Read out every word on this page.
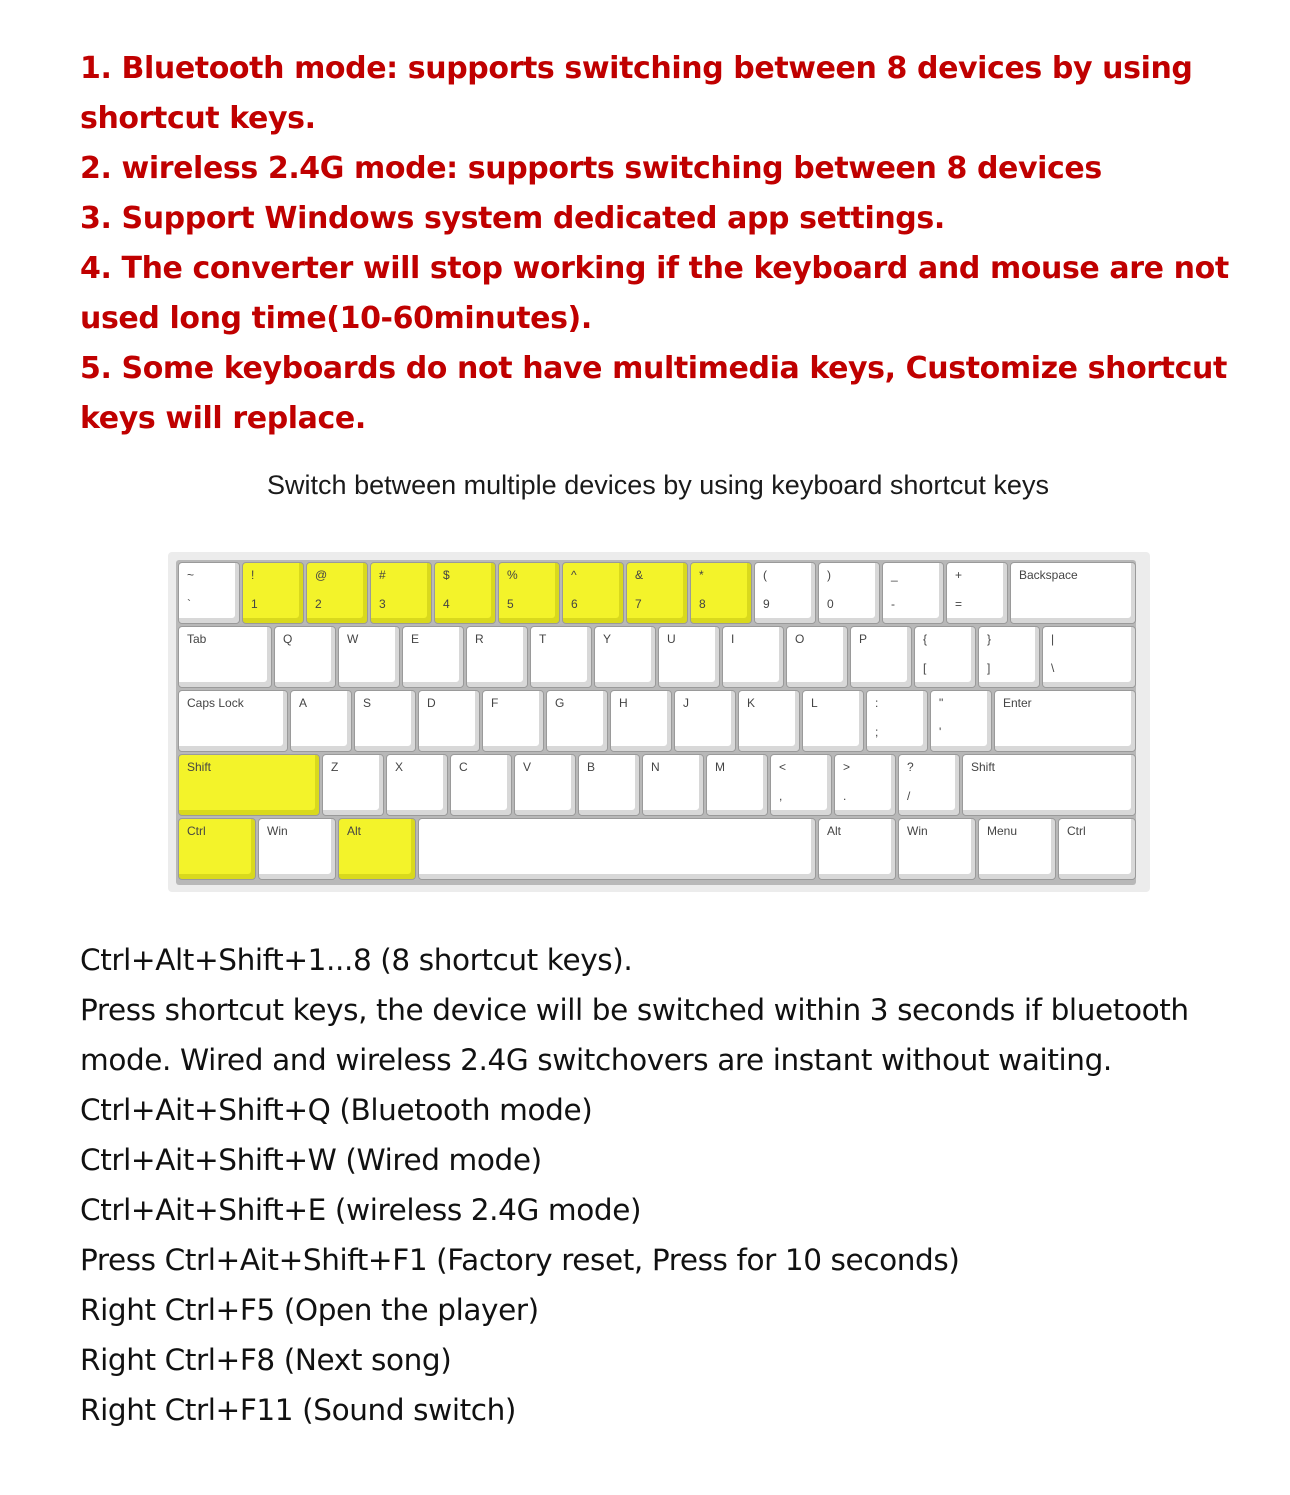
1. Bluetooth mode: supports switching between 8 devices by using shortcut keys.

2. wireless 2.4G mode: supports switching between 8 devices

3. Support Windows system dedicated app settings.

4. The converter will stop working if the keyboard and mouse are not used long time(10-60minutes).

5. Some keyboards do not have multimedia keys, Customize shortcut keys will replace.

Switch between multiple devices by using keyboard shortcut keys
~
`
!
1
@
2
#
3
$
4
%
5
^
6
&
7
*
8
(
9
)
0
_
-
+
=
Backspace
Tab	Q	W	E	R	T	Y	U	I	O	P	{
[
}
]
|
\
Caps Lock	A	S	D	F	G	H	J	K	L	:
;
"
'
Enter
Shift	Z	X	C	V	B	N	M	<
,
>
.
?
/
Shift
Ctrl	Win	Alt	Alt	Win	Menu	Ctrl

Ctrl+Alt+Shift+1...8 (8 shortcut keys).

Press shortcut keys, the device will be switched within 3 seconds if bluetooth mode. Wired and wireless 2.4G switchovers are instant without waiting.

Ctrl+Ait+Shift+Q (Bluetooth mode)

Ctrl+Ait+Shift+W (Wired mode)

Ctrl+Ait+Shift+E (wireless 2.4G mode)

Press Ctrl+Ait+Shift+F1 (Factory reset, Press for 10 seconds)

Right Ctrl+F5 (Open the player)

Right Ctrl+F8 (Next song)

Right Ctrl+F11 (Sound switch)
